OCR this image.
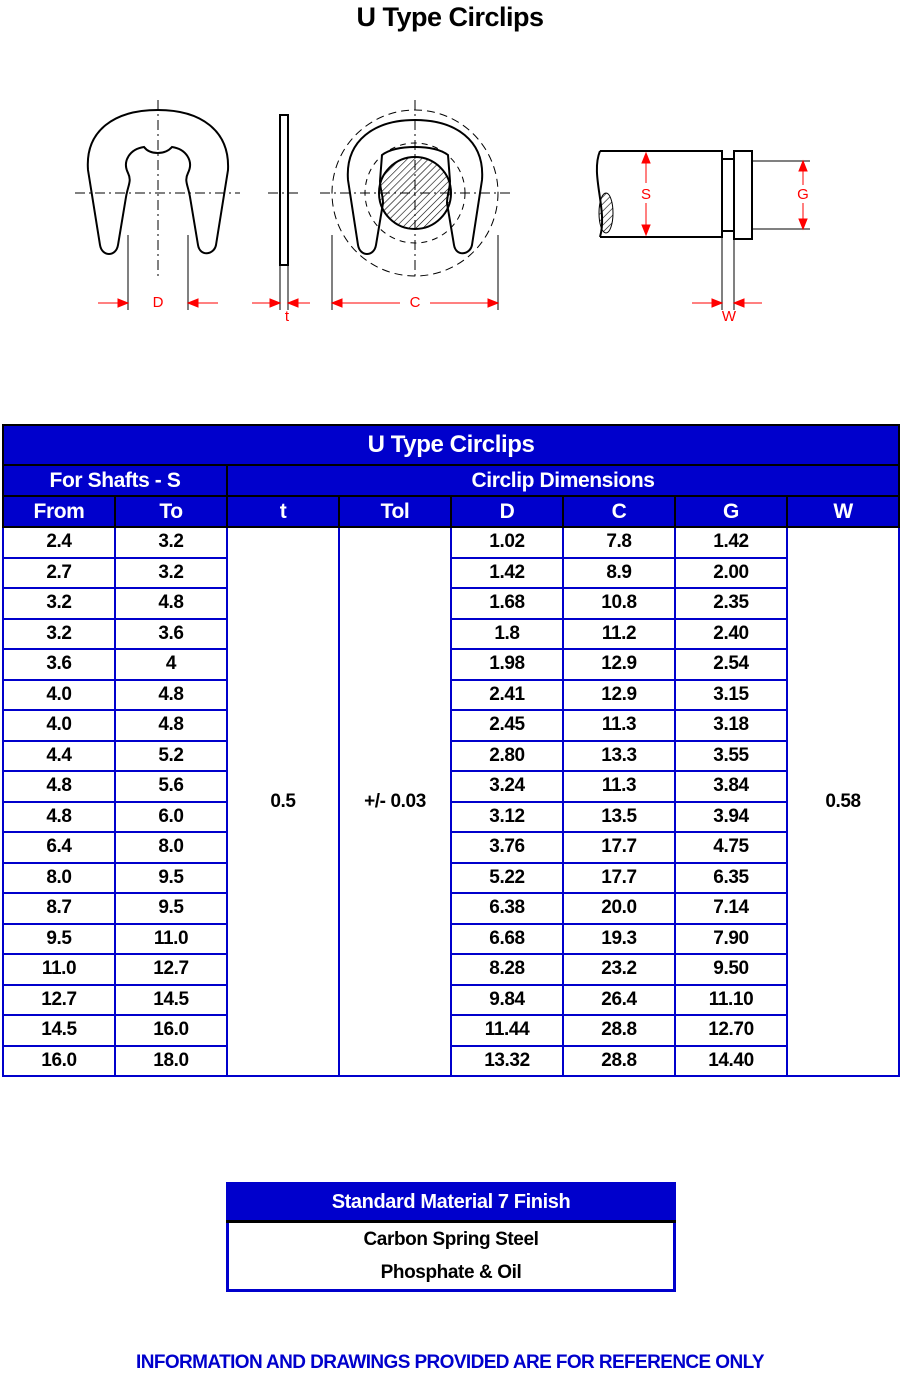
U Type Circlips
D
t
C
S	G
W
U Type Circlips							
For Shafts - S		Circlip Dimensions					
From	To	t	Tol	D	C	G	W
2.4	3.2	0.5	+/- 0.03	1.02	7.8	1.42	0.58
2.7	3.2			1.42	8.9	2.00	
3.2	4.8			1.68	10.8	2.35	
3.2	3.6			1.8	11.2	2.40	
3.6	4			1.98	12.9	2.54	
4.0	4.8			2.41	12.9	3.15	
4.0	4.8			2.45	11.3	3.18	
4.4	5.2			2.80	13.3	3.55	
4.8	5.6			3.24	11.3	3.84	
4.8	6.0			3.12	13.5	3.94	
6.4	8.0			3.76	17.7	4.75	
8.0	9.5			5.22	17.7	6.35	
8.7	9.5			6.38	20.0	7.14	
9.5	11.0			6.68	19.3	7.90	
11.0	12.7			8.28	23.2	9.50	
12.7	14.5			9.84	26.4	11.10	
14.5	16.0			11.44	28.8	12.70	
16.0	18.0			13.32	28.8	14.40	
Standard Material 7 Finish
Carbon Spring Steel
Phosphate & Oil
INFORMATION AND DRAWINGS PROVIDED ARE FOR REFERENCE ONLY
